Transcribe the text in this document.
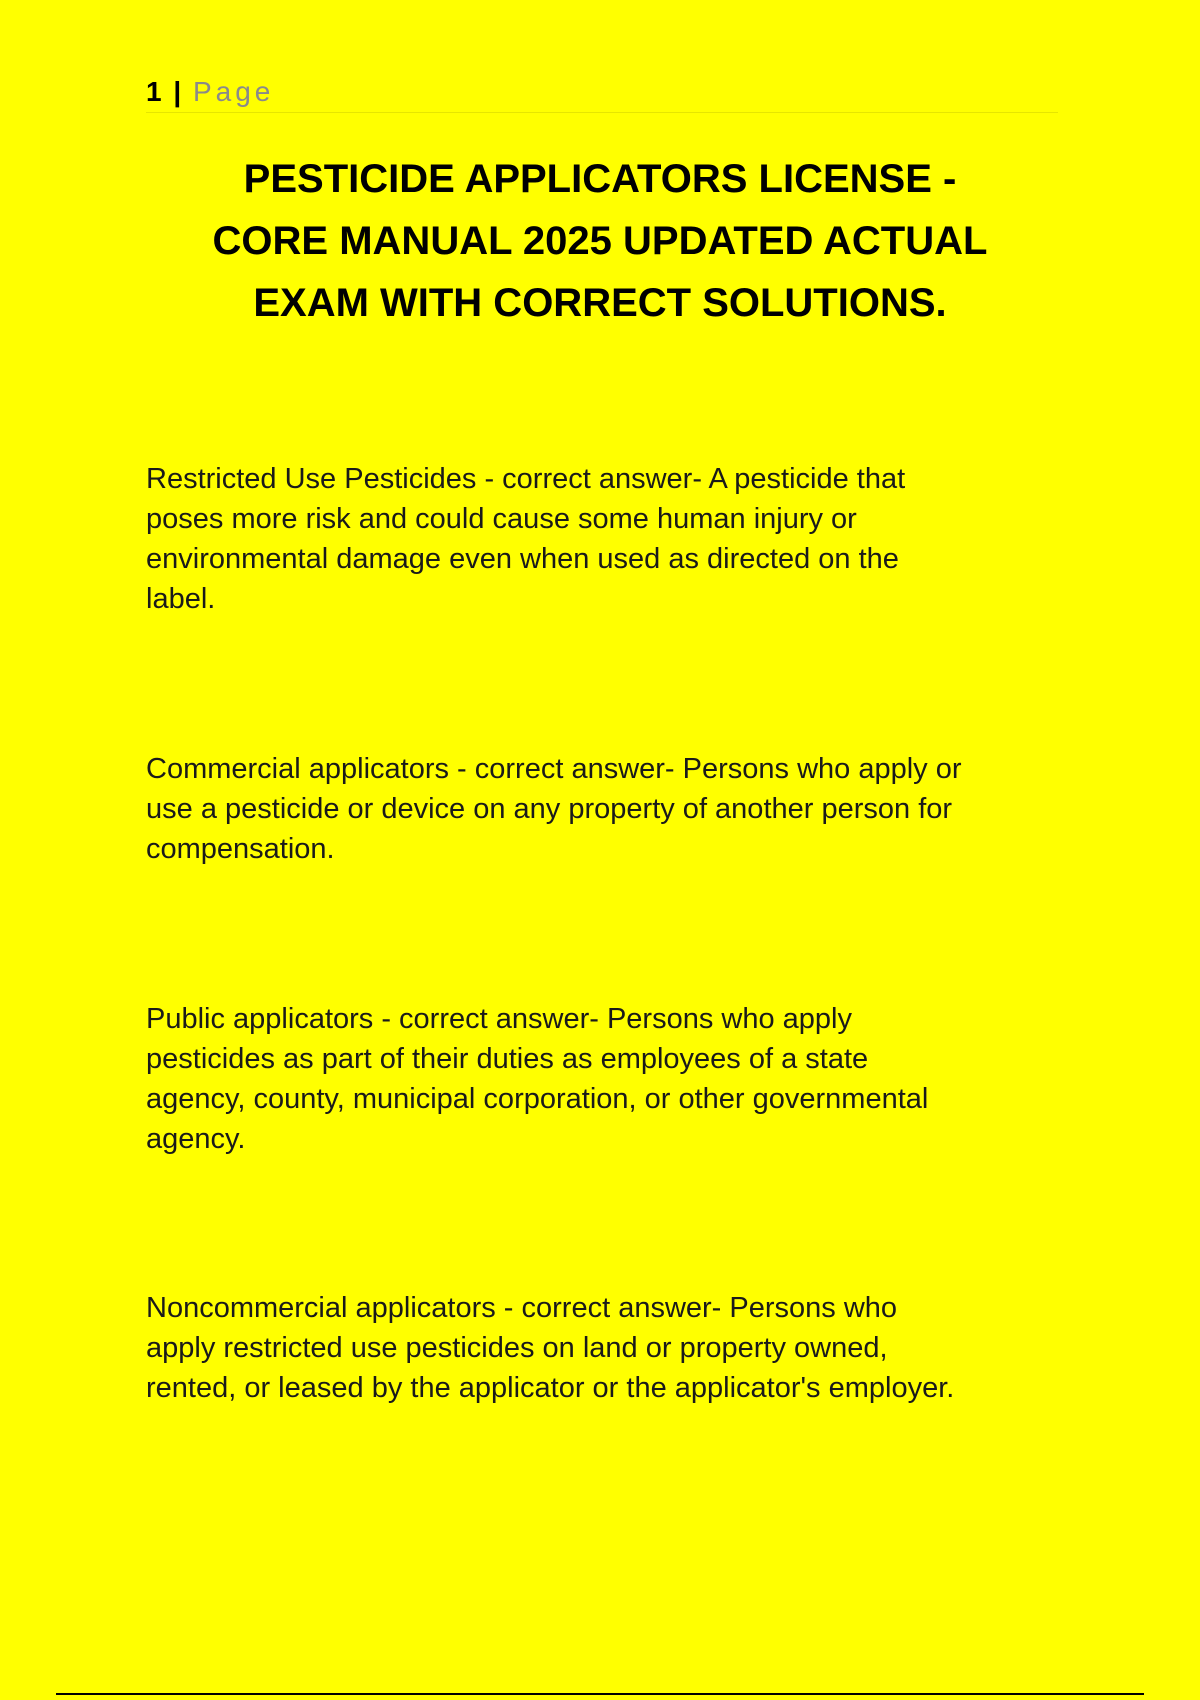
1 | Page
PESTICIDE APPLICATORS LICENSE -
CORE MANUAL 2025 UPDATED ACTUAL
EXAM WITH CORRECT SOLUTIONS.
Restricted Use Pesticides - correct answer- A pesticide that
poses more risk and could cause some human injury or
environmental damage even when used as directed on the
label.
Commercial applicators - correct answer- Persons who apply or
use a pesticide or device on any property of another person for
compensation.
Public applicators - correct answer- Persons who apply
pesticides as part of their duties as employees of a state
agency, county, municipal corporation, or other governmental
agency.
Noncommercial applicators - correct answer- Persons who
apply restricted use pesticides on land or property owned,
rented, or leased by the applicator or the applicator's employer.
